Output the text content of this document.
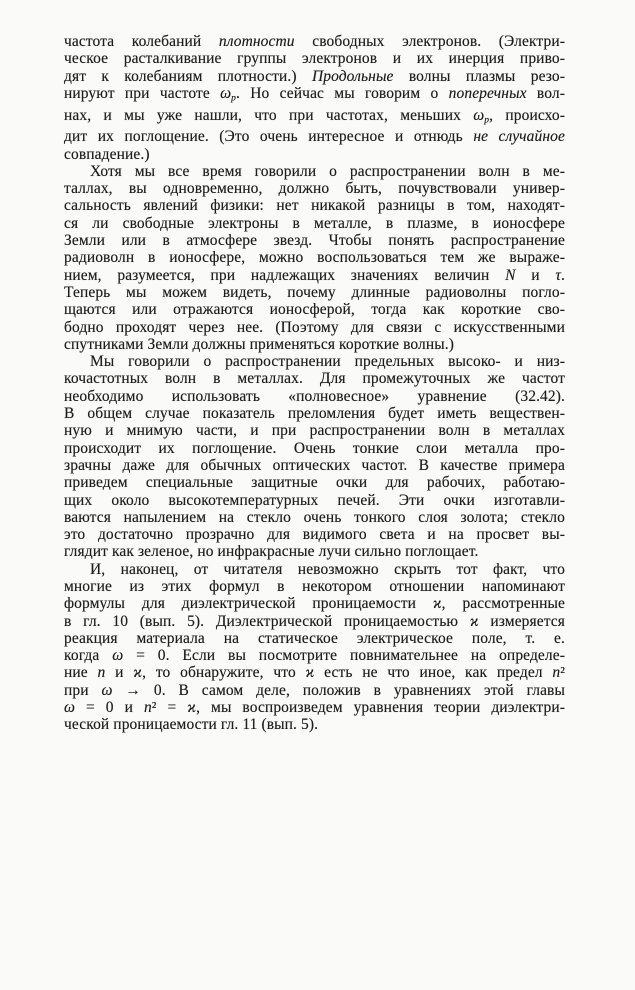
частота колебаний плотности свободных электронов. (Электри-
ческое расталкивание группы электронов и их инерция приво-
дят к колебаниям плотности.) Продольные волны плазмы резо-
нируют при частоте $\omega_p$. Но сейчас мы говорим о поперечных вол-
нах, и мы уже нашли, что при частотах, меньших $\omega_p$, происхо-
дит их поглощение. (Это очень интересное и отнюдь не случайное
совпадение.)
Хотя мы все время говорили о распространении волн в ме-
таллах, вы одновременно, должно быть, почувствовали универ-
сальность явлений физики: нет никакой разницы в том, находят-
ся ли свободные электроны в металле, в плазме, в ионосфере
Земли или в атмосфере звезд. Чтобы понять распространение
радиоволн в ионосфере, можно воспользоваться тем же выраже-
нием, разумеется, при надлежащих значениях величин N и τ.
Теперь мы можем видеть, почему длинные радиоволны погло-
щаются или отражаются ионосферой, тогда как короткие сво-
бодно проходят через нее. (Поэтому для связи с искусственными
спутниками Земли должны применяться короткие волны.)
Мы говорили о распространении предельных высоко- и низ-
кочастотных волн в металлах. Для промежуточных же частот
необходимо использовать «полновесное» уравнение (32.42).
В общем случае показатель преломления будет иметь веществен-
ную и мнимую части, и при распространении волн в металлах
происходит их поглощение. Очень тонкие слои металла про-
зрачны даже для обычных оптических частот. В качестве примера
приведем специальные защитные очки для рабочих, работаю-
щих около высокотемпературных печей. Эти очки изготавли-
ваются напылением на стекло очень тонкого слоя золота; стекло
это достаточно прозрачно для видимого света и на просвет вы-
глядит как зеленое, но инфракрасные лучи сильно поглощает.
И, наконец, от читателя невозможно скрыть тот факт, что
многие из этих формул в некотором отношении напоминают
формулы для диэлектрической проницаемости ϰ, рассмотренные
в гл. 10 (вып. 5). Диэлектрической проницаемостью ϰ измеряется
реакция материала на статическое электрическое поле, т. е.
когда ω = 0. Если вы посмотрите повнимательнее на определе-
ние n и ϰ, то обнаружите, что ϰ есть не что иное, как предел n²
при ω → 0. В самом деле, положив в уравнениях этой главы
ω = 0 и n² = ϰ, мы воспроизведем уравнения теории диэлектри-
ческой проницаемости гл. 11 (вып. 5).
